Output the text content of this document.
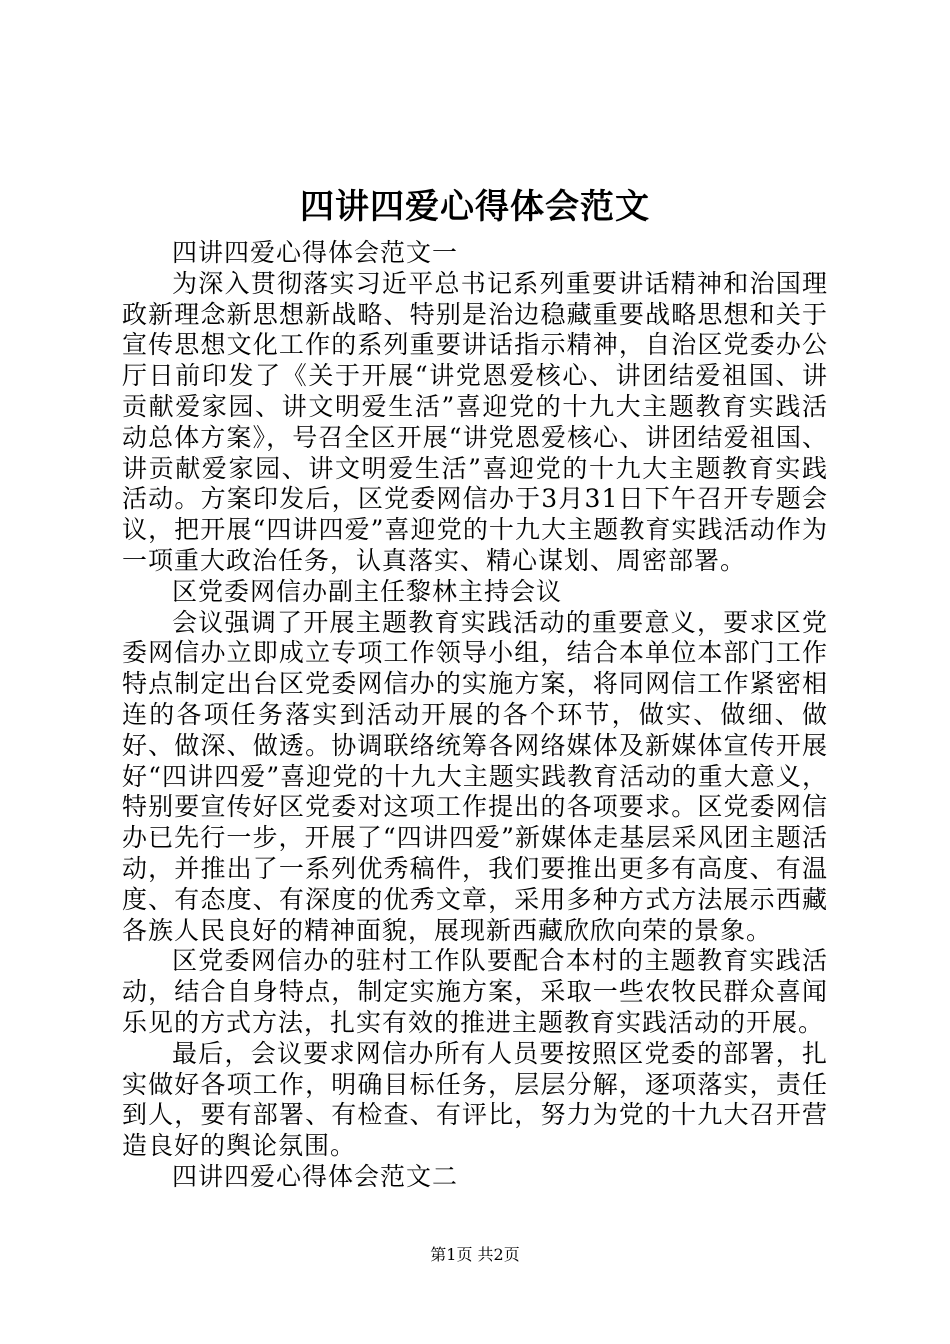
四讲四爱心得体会范文

四讲四爱心得体会范文一

为深入贯彻落实习近平总书记系列重要讲话精神和治国理政新理念新思想新战略、特别是治边稳藏重要战略思想和关于宣传思想文化工作的系列重要讲话指示精神，自治区党委办公厅日前印发了《关于开展“讲党恩爱核心、讲团结爱祖国、讲贡献爱家园、讲文明爱生活”喜迎党的十九大主题教育实践活动总体方案》，号召全区开展“讲党恩爱核心、讲团结爱祖国、讲贡献爱家园、讲文明爱生活”喜迎党的十九大主题教育实践活动。方案印发后，区党委网信办于3月31日下午召开专题会议，把开展“四讲四爱”喜迎党的十九大主题教育实践活动作为一项重大政治任务，认真落实、精心谋划、周密部署。

区党委网信办副主任黎林主持会议

会议强调了开展主题教育实践活动的重要意义，要求区党委网信办立即成立专项工作领导小组，结合本单位本部门工作特点制定出台区党委网信办的实施方案，将同网信工作紧密相连的各项任务落实到活动开展的各个环节，做实、做细、做好、做深、做透。协调联络统筹各网络媒体及新媒体宣传开展好“四讲四爱”喜迎党的十九大主题实践教育活动的重大意义，特别要宣传好区党委对这项工作提出的各项要求。区党委网信办已先行一步，开展了“四讲四爱”新媒体走基层采风团主题活动，并推出了一系列优秀稿件，我们要推出更多有高度、有温度、有态度、有深度的优秀文章，采用多种方式方法展示西藏各族人民良好的精神面貌，展现新西藏欣欣向荣的景象。

区党委网信办的驻村工作队要配合本村的主题教育实践活动，结合自身特点，制定实施方案，采取一些农牧民群众喜闻乐见的方式方法，扎实有效的推进主题教育实践活动的开展。

最后，会议要求网信办所有人员要按照区党委的部署，扎实做好各项工作，明确目标任务，层层分解，逐项落实，责任到人，要有部署、有检查、有评比，努力为党的十九大召开营造良好的舆论氛围。

四讲四爱心得体会范文二

第1页 共2页
